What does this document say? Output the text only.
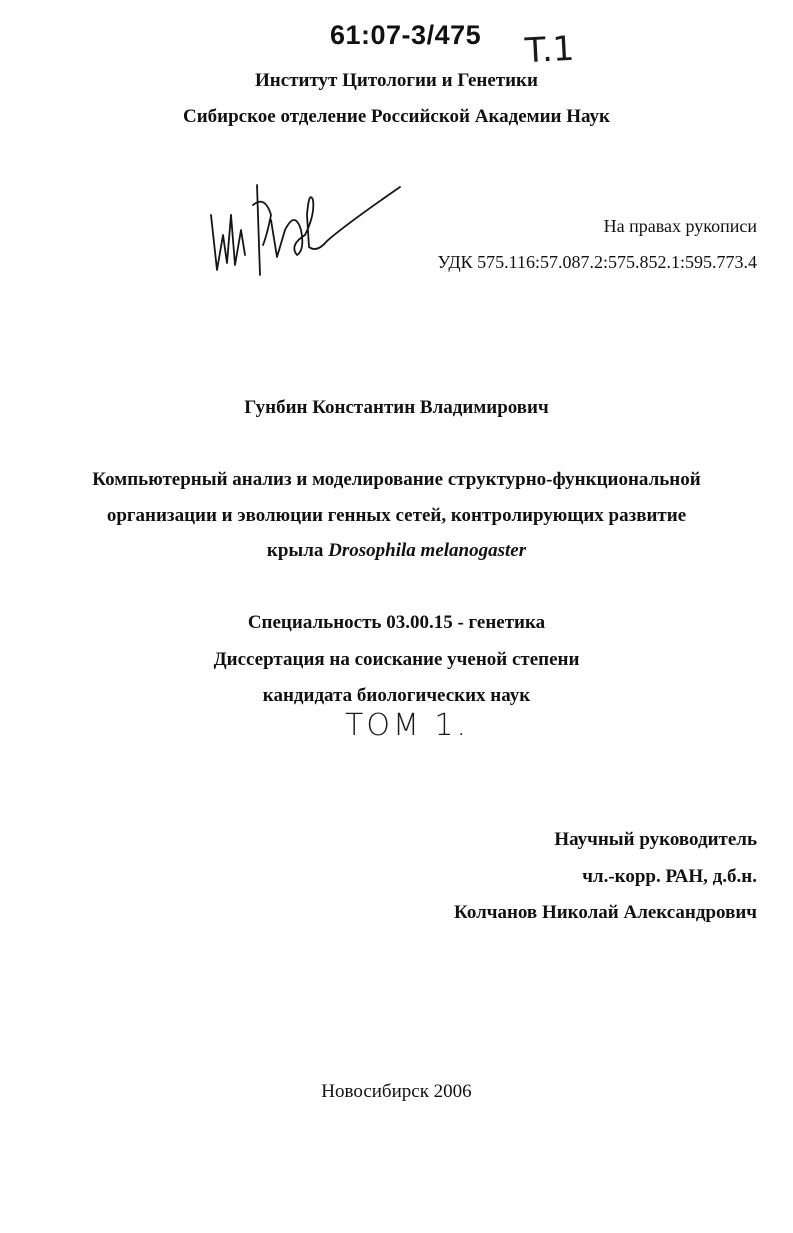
61:07-3/475 T.1
Институт Цитологии и Генетики
Сибирское отделение Российской Академии Наук
На правах рукописи
УДК 575.116:57.087.2:575.852.1:595.773.4
Гунбин Константин Владимирович
Компьютерный анализ и моделирование структурно-функциональной
организации и эволюции генных сетей, контролирующих развитие
крыла Drosophila melanogaster
Специальность 03.00.15 - генетика
Диссертация на соискание ученой степени
кандидата биологических наук
ТОМ 1.
Научный руководитель
чл.-корр. РАН, д.б.н.
Колчанов Николай Александрович
Новосибирск 2006
